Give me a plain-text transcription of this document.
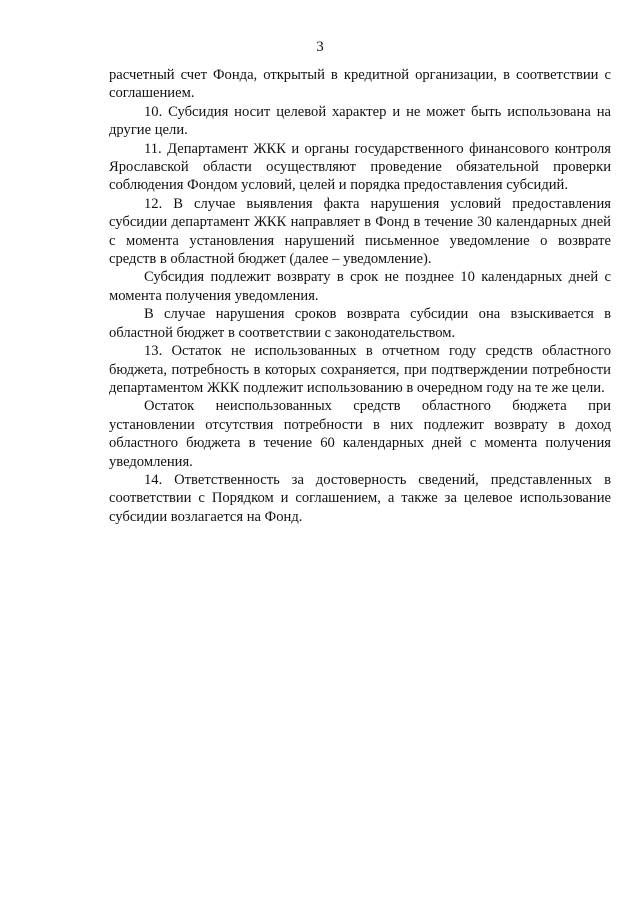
3

расчетный счет Фонда, открытый в кредитной организации, в соответствии с соглашением.

10. Субсидия носит целевой характер и не может быть использована на другие цели.

11. Департамент ЖКК и органы государственного финансового контроля Ярославской области осуществляют проведение обязательной проверки соблюдения Фондом условий, целей и порядка предоставления субсидий.

12. В случае выявления факта нарушения условий предоставления субсидии департамент ЖКК направляет в Фонд в течение 30 календарных дней с момента установления нарушений письменное уведомление о возврате средств в областной бюджет (далее – уведомление).

Субсидия подлежит возврату в срок не позднее 10 календарных дней с момента получения уведомления.

В случае нарушения сроков возврата субсидии она взыскивается в областной бюджет в соответствии с законодательством.

13. Остаток не использованных в отчетном году средств областного бюджета, потребность в которых сохраняется, при подтверждении потребности департаментом ЖКК подлежит использованию в очередном году на те же цели.

Остаток неиспользованных средств областного бюджета при установлении отсутствия потребности в них подлежит возврату в доход областного бюджета в течение 60 календарных дней с момента получения уведомления.

14. Ответственность за достоверность сведений, представленных в соответствии с Порядком и соглашением, а также за целевое использование субсидии возлагается на Фонд.
